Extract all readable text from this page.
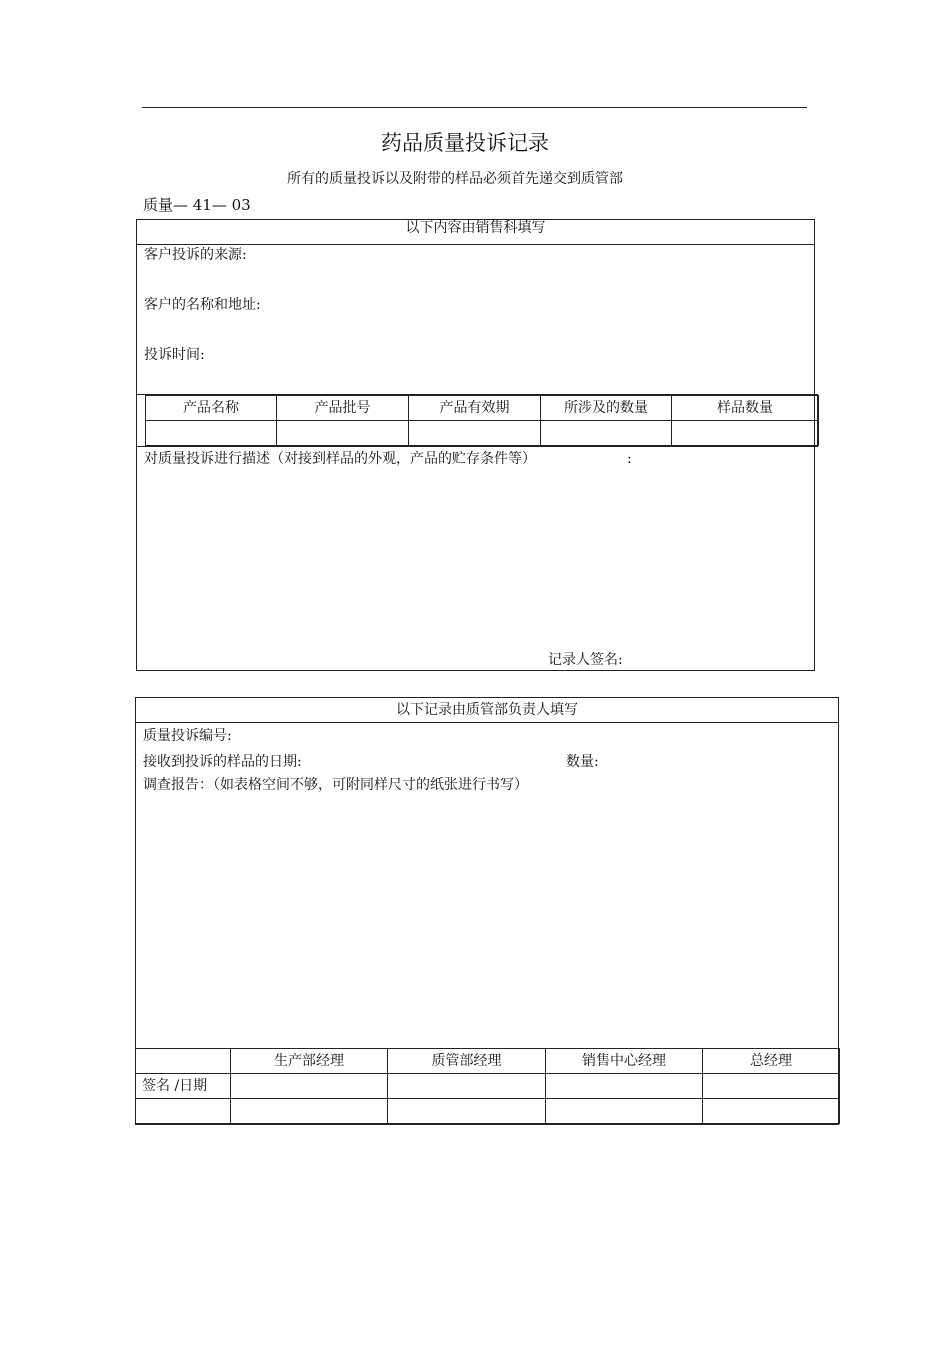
药品质量投诉记录
所有的质量投诉以及附带的样品必须首先递交到质管部
质量— 41— 03
以下内容由销售科填写
客户投诉的来源:
客户的名称和地址:
投诉时间:
产品名称	产品批号	产品有效期	所涉及的数量	样品数量

对质量投诉进行描述（对接到样品的外观，产品的贮存条件等）	:
记录人签名:
以下记录由质管部负责人填写
质量投诉编号:
接收到投诉的样品的日期:	数量:
调查报告：（如表格空间不够，可附同样尺寸的纸张进行书写）
	生产部经理	质管部经理	销售中心经理	总经理
签名 /日期				
